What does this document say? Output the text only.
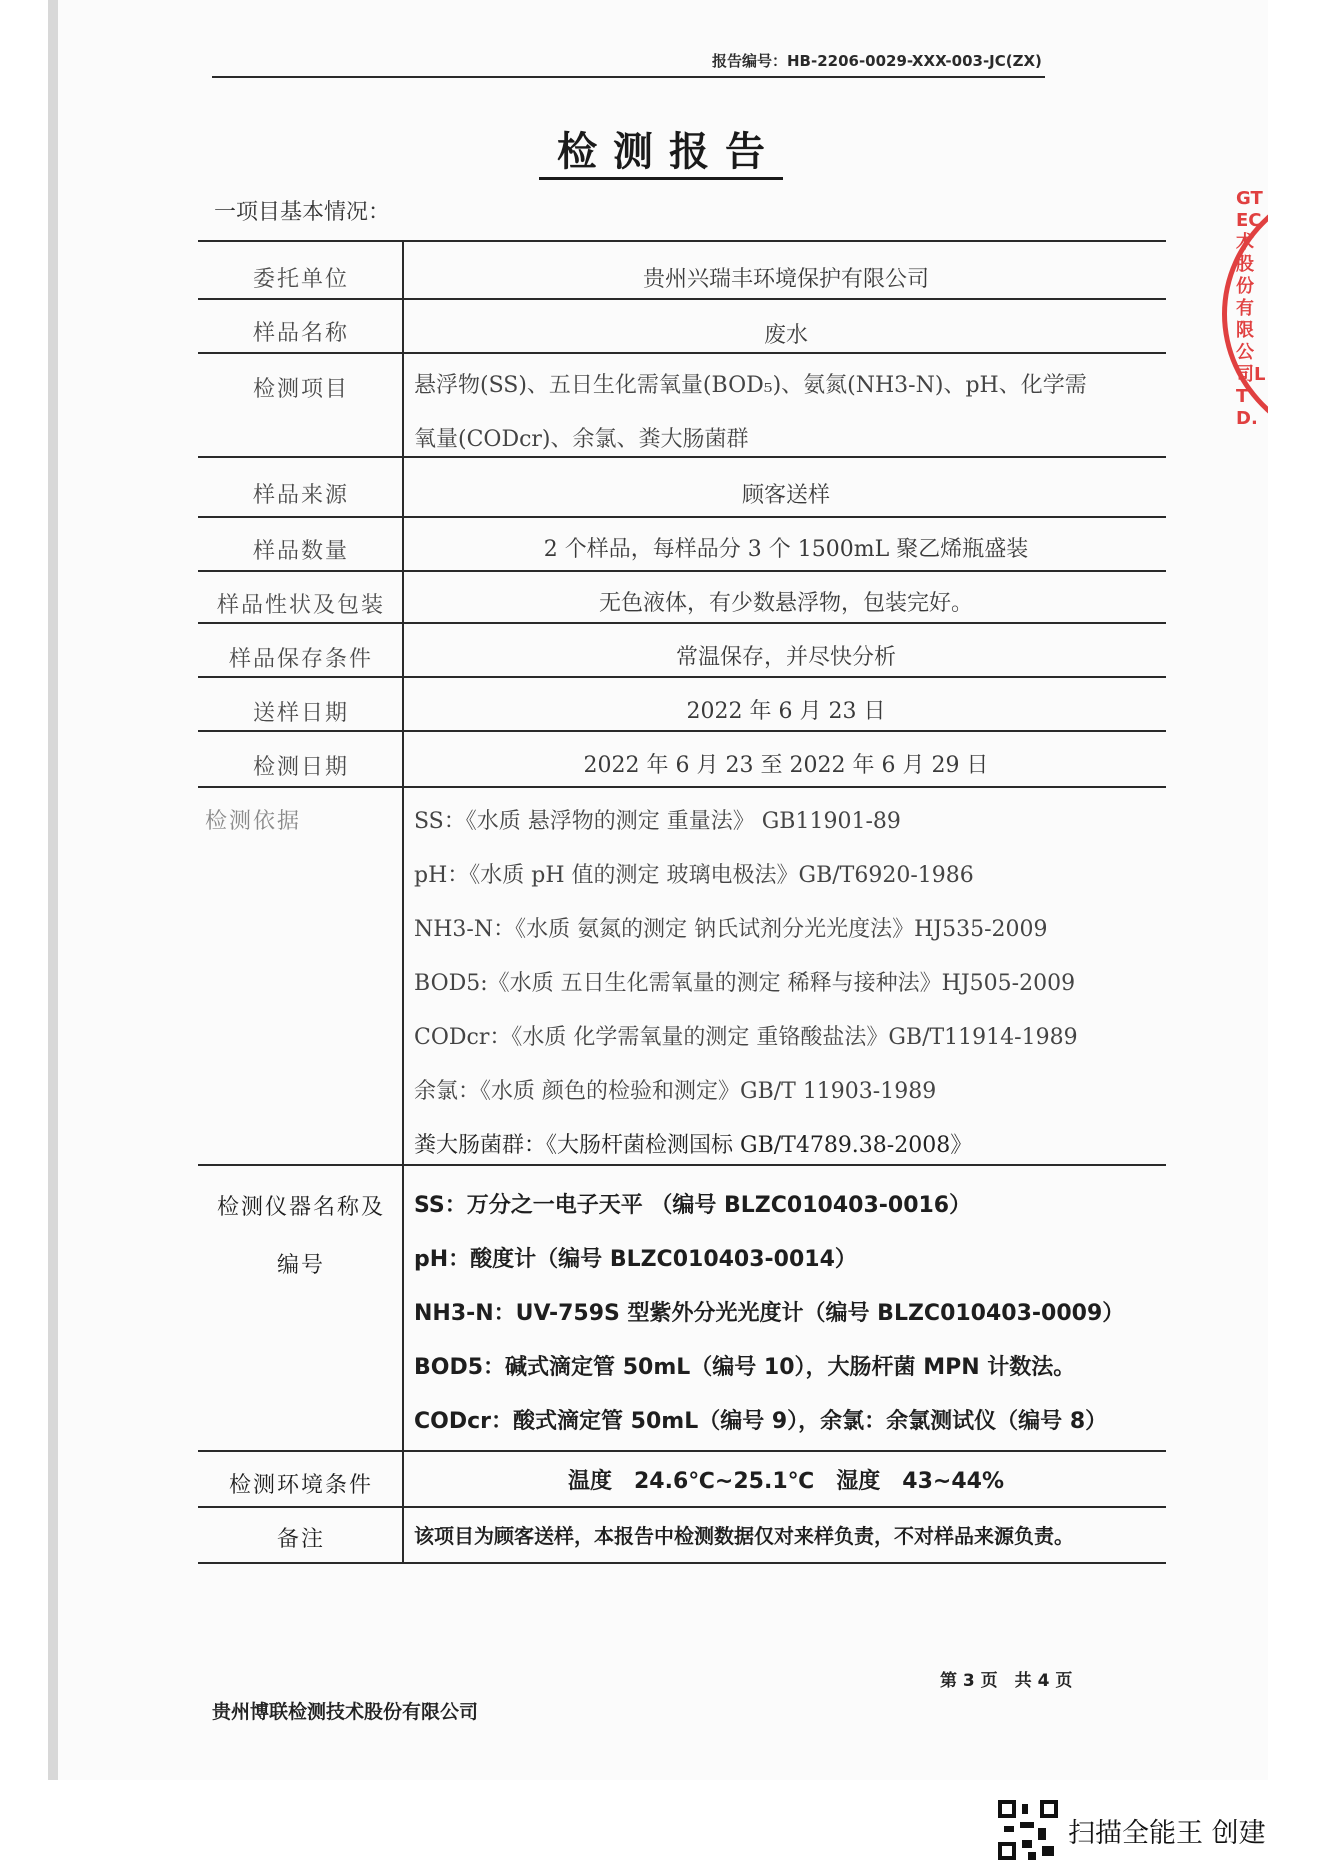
报告编号：HB-2206-0029-XXX-003-JC(ZX)
检测报告
一项目基本情况：
委托单位	贵州兴瑞丰环境保护有限公司
样品名称	废水
检测项目	悬浮物(SS)、五日生化需氧量(BOD₅)、氨氮(NH3-N)、pH、化学需
氧量(CODcr)、余氯、粪大肠菌群
样品来源	顾客送样
样品数量	2 个样品，每样品分 3 个 1500mL 聚乙烯瓶盛装
样品性状及包装	无色液体，有少数悬浮物，包装完好。
样品保存条件	常温保存，并尽快分析
送样日期	2022 年 6 月 23 日
检测日期	2022 年 6 月 23 至 2022 年 6 月 29 日
检测依据	SS：《水质 悬浮物的测定 重量法》 GB11901-89
pH：《水质 pH 值的测定 玻璃电极法》GB/T6920-1986
NH3-N：《水质 氨氮的测定 钠氏试剂分光光度法》HJ535-2009
BOD5:《水质 五日生化需氧量的测定 稀释与接种法》HJ505-2009
CODcr：《水质 化学需氧量的测定 重铬酸盐法》GB/T11914-1989
余氯：《水质 颜色的检验和测定》GB/T 11903-1989
粪大肠菌群：《大肠杆菌检测国标 GB/T4789.38-2008》
检测仪器名称及
编号
SS：万分之一电子天平 （编号 BLZC010403-0016）
pH：酸度计（编号 BLZC010403-0014）
NH3-N：UV-759S 型紫外分光光度计（编号 BLZC010403-0009）
BOD5：碱式滴定管 50mL（编号 10），大肠杆菌 MPN 计数法。
CODcr：酸式滴定管 50mL（编号 9），余氯：余氯测试仪（编号 8）
检测环境条件	温度　24.6℃~25.1℃　湿度　43~44%
备注	该项目为顾客送样，本报告中检测数据仅对来样负责，不对样品来源负责。
GTEC术股份有限公司LTD.
第 3 页　共 4 页
贵州博联检测技术股份有限公司
扫描全能王 创建
